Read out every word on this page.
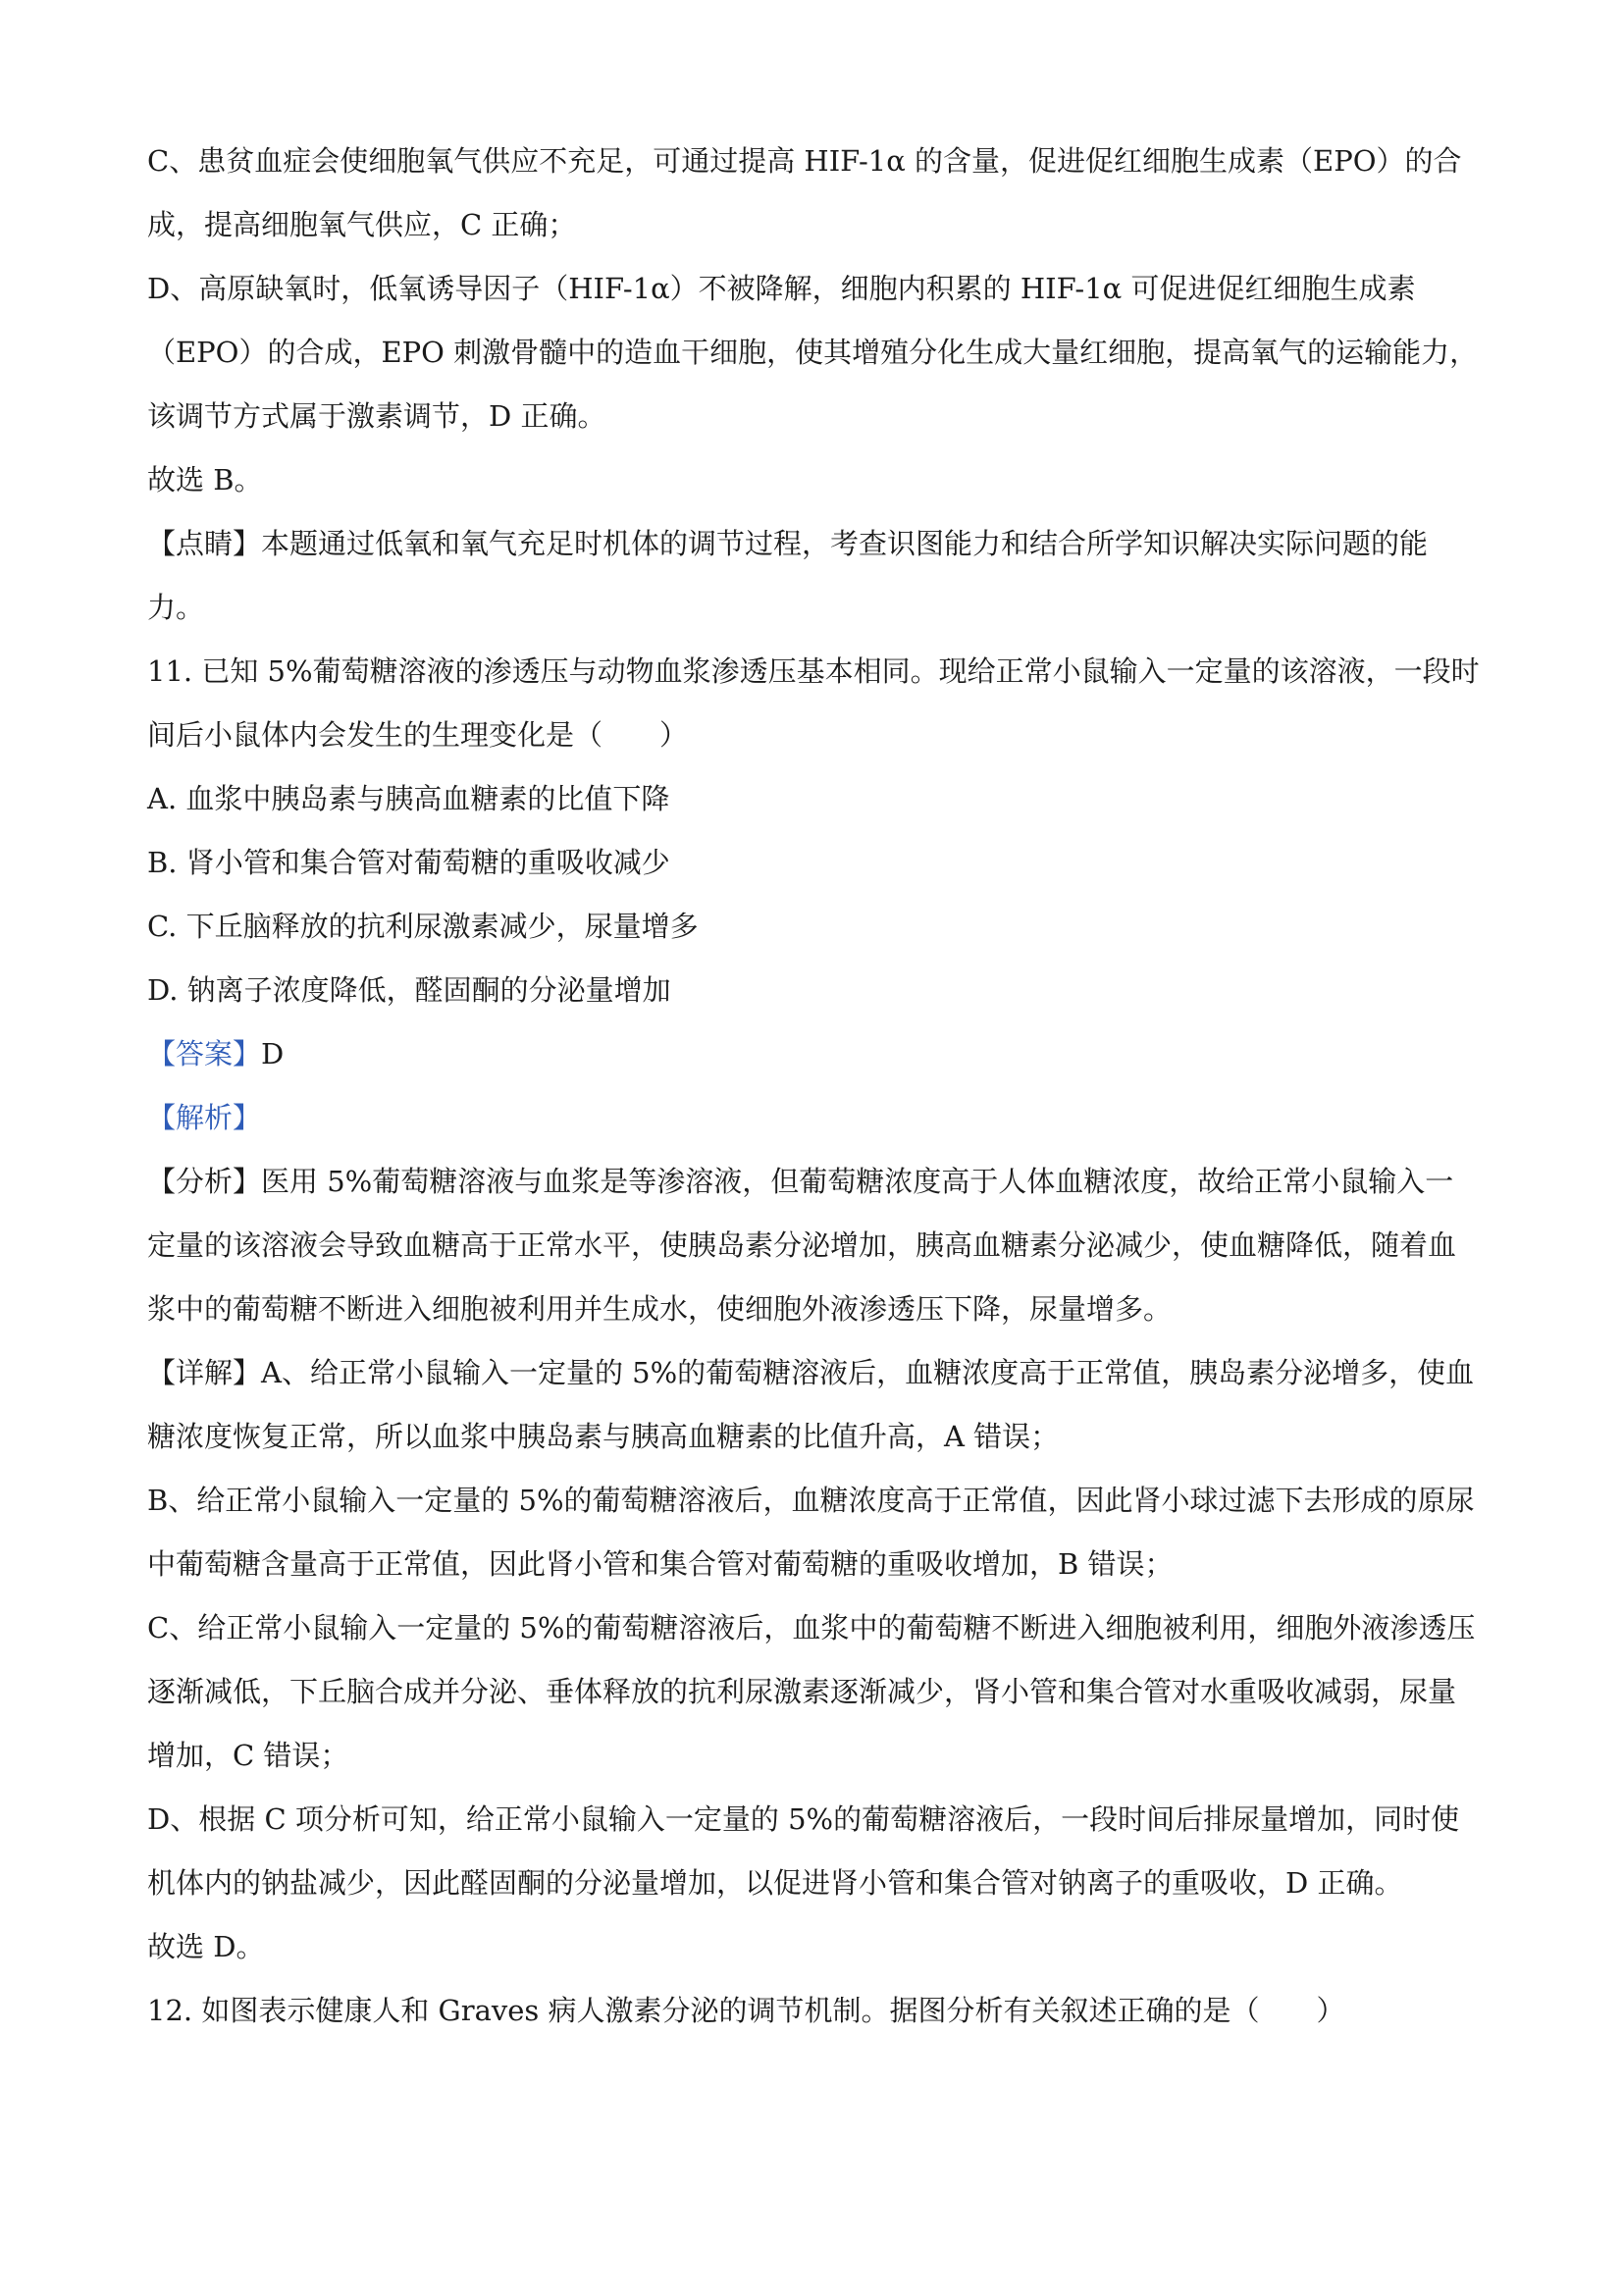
C、患贫血症会使细胞氧气供应不充足，可通过提高 HIF-1α 的含量，促进促红细胞生成素（EPO）的合
成，提高细胞氧气供应，C 正确；
D、高原缺氧时，低氧诱导因子（HIF-1α）不被降解，细胞内积累的 HIF-1α 可促进促红细胞生成素
（EPO）的合成，EPO 刺激骨髓中的造血干细胞，使其增殖分化生成大量红细胞，提高氧气的运输能力，
该调节方式属于激素调节，D 正确。
故选 B。
【点睛】本题通过低氧和氧气充足时机体的调节过程，考查识图能力和结合所学知识解决实际问题的能
力。
11. 已知 5%葡萄糖溶液的渗透压与动物血浆渗透压基本相同。现给正常小鼠输入一定量的该溶液，一段时
间后小鼠体内会发生的生理变化是（　　）
A. 血浆中胰岛素与胰高血糖素的比值下降
B. 肾小管和集合管对葡萄糖的重吸收减少
C. 下丘脑释放的抗利尿激素减少，尿量增多
D. 钠离子浓度降低，醛固酮的分泌量增加
【答案】D
【解析】
【分析】医用 5%葡萄糖溶液与血浆是等渗溶液，但葡萄糖浓度高于人体血糖浓度，故给正常小鼠输入一
定量的该溶液会导致血糖高于正常水平，使胰岛素分泌增加，胰高血糖素分泌减少，使血糖降低，随着血
浆中的葡萄糖不断进入细胞被利用并生成水，使细胞外液渗透压下降，尿量增多。
【详解】A、给正常小鼠输入一定量的 5%的葡萄糖溶液后，血糖浓度高于正常值，胰岛素分泌增多，使血
糖浓度恢复正常，所以血浆中胰岛素与胰高血糖素的比值升高，A 错误；
B、给正常小鼠输入一定量的 5%的葡萄糖溶液后，血糖浓度高于正常值，因此肾小球过滤下去形成的原尿
中葡萄糖含量高于正常值，因此肾小管和集合管对葡萄糖的重吸收增加，B 错误；
C、给正常小鼠输入一定量的 5%的葡萄糖溶液后，血浆中的葡萄糖不断进入细胞被利用，细胞外液渗透压
逐渐减低，下丘脑合成并分泌、垂体释放的抗利尿激素逐渐减少，肾小管和集合管对水重吸收减弱，尿量
增加，C 错误；
D、根据 C 项分析可知，给正常小鼠输入一定量的 5%的葡萄糖溶液后，一段时间后排尿量增加，同时使
机体内的钠盐减少，因此醛固酮的分泌量增加，以促进肾小管和集合管对钠离子的重吸收，D 正确。
故选 D。
12. 如图表示健康人和 Graves 病人激素分泌的调节机制。据图分析有关叙述正确的是（　　）
